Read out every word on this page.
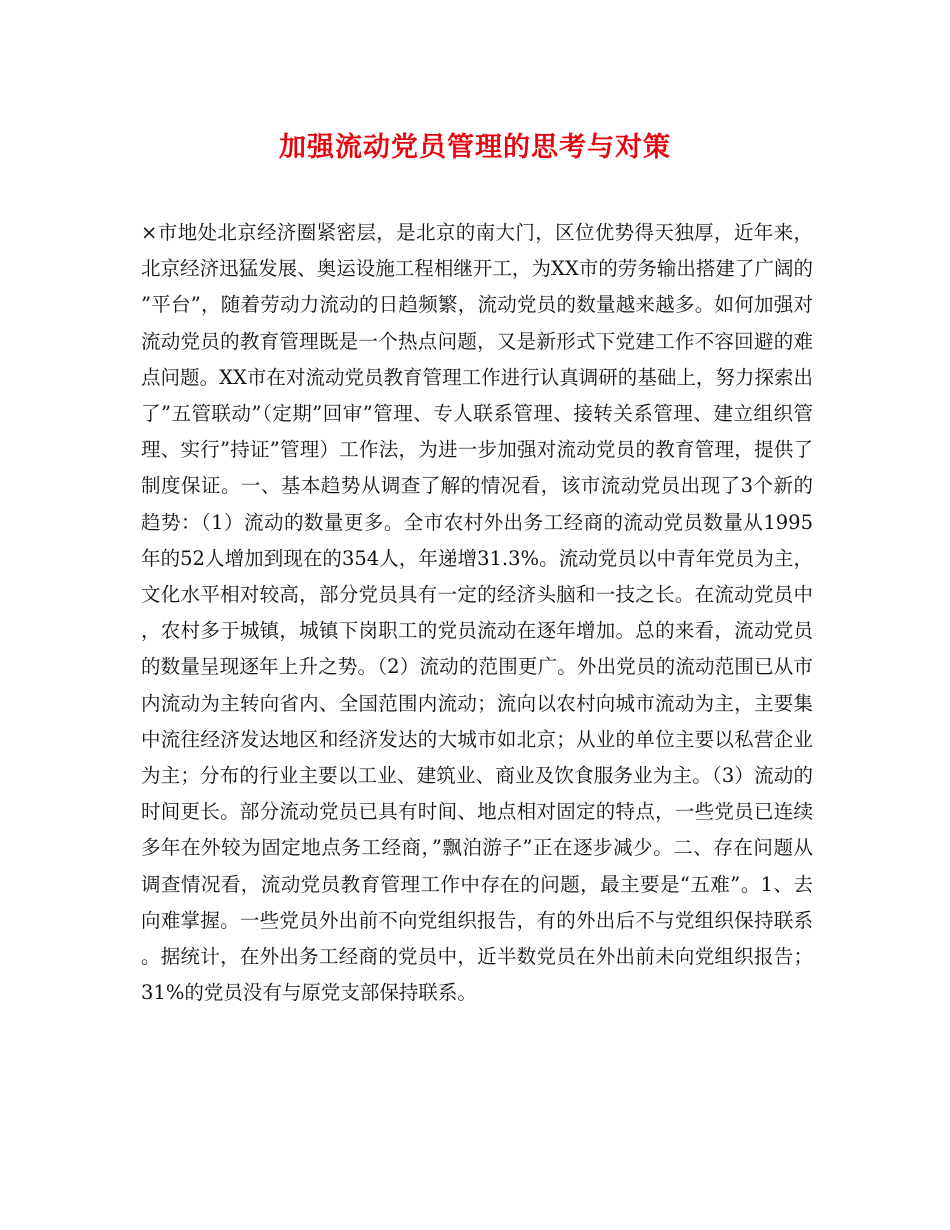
加强流动党员管理的思考与对策

×市地处北京经济圈紧密层，是北京的南大门，区位优势得天独厚，近年来，北京经济迅猛发展、奥运设施工程相继开工，为XX市的劳务输出搭建了广阔的”平台”，随着劳动力流动的日趋频繁，流动党员的数量越来越多。如何加强对流动党员的教育管理既是一个热点问题，又是新形式下党建工作不容回避的难点问题。XX市在对流动党员教育管理工作进行认真调研的基础上，努力探索出了”五管联动”（定期”回审”管理、专人联系管理、接转关系管理、建立组织管理、实行”持证”管理）工作法，为进一步加强对流动党员的教育管理，提供了制度保证。一、基本趋势从调查了解的情况看，该市流动党员出现了3个新的趋势：（1）流动的数量更多。全市农村外出务工经商的流动党员数量从1995年的52人增加到现在的354人，年递增31.3%。流动党员以中青年党员为主，文化水平相对较高，部分党员具有一定的经济头脑和一技之长。在流动党员中，农村多于城镇，城镇下岗职工的党员流动在逐年增加。总的来看，流动党员的数量呈现逐年上升之势。（2）流动的范围更广。外出党员的流动范围已从市内流动为主转向省内、全国范围内流动；流向以农村向城市流动为主，主要集中流往经济发达地区和经济发达的大城市如北京；从业的单位主要以私营企业为主；分布的行业主要以工业、建筑业、商业及饮食服务业为主。（3）流动的时间更长。部分流动党员已具有时间、地点相对固定的特点，一些党员已连续多年在外较为固定地点务工经商，”飘泊游子”正在逐步减少。二、存在问题从调查情况看，流动党员教育管理工作中存在的问题，最主要是“五难”。1、去向难掌握。一些党员外出前不向党组织报告，有的外出后不与党组织保持联系。据统计，在外出务工经商的党员中，近半数党员在外出前未向党组织报告；31%的党员没有与原党支部保持联系。
